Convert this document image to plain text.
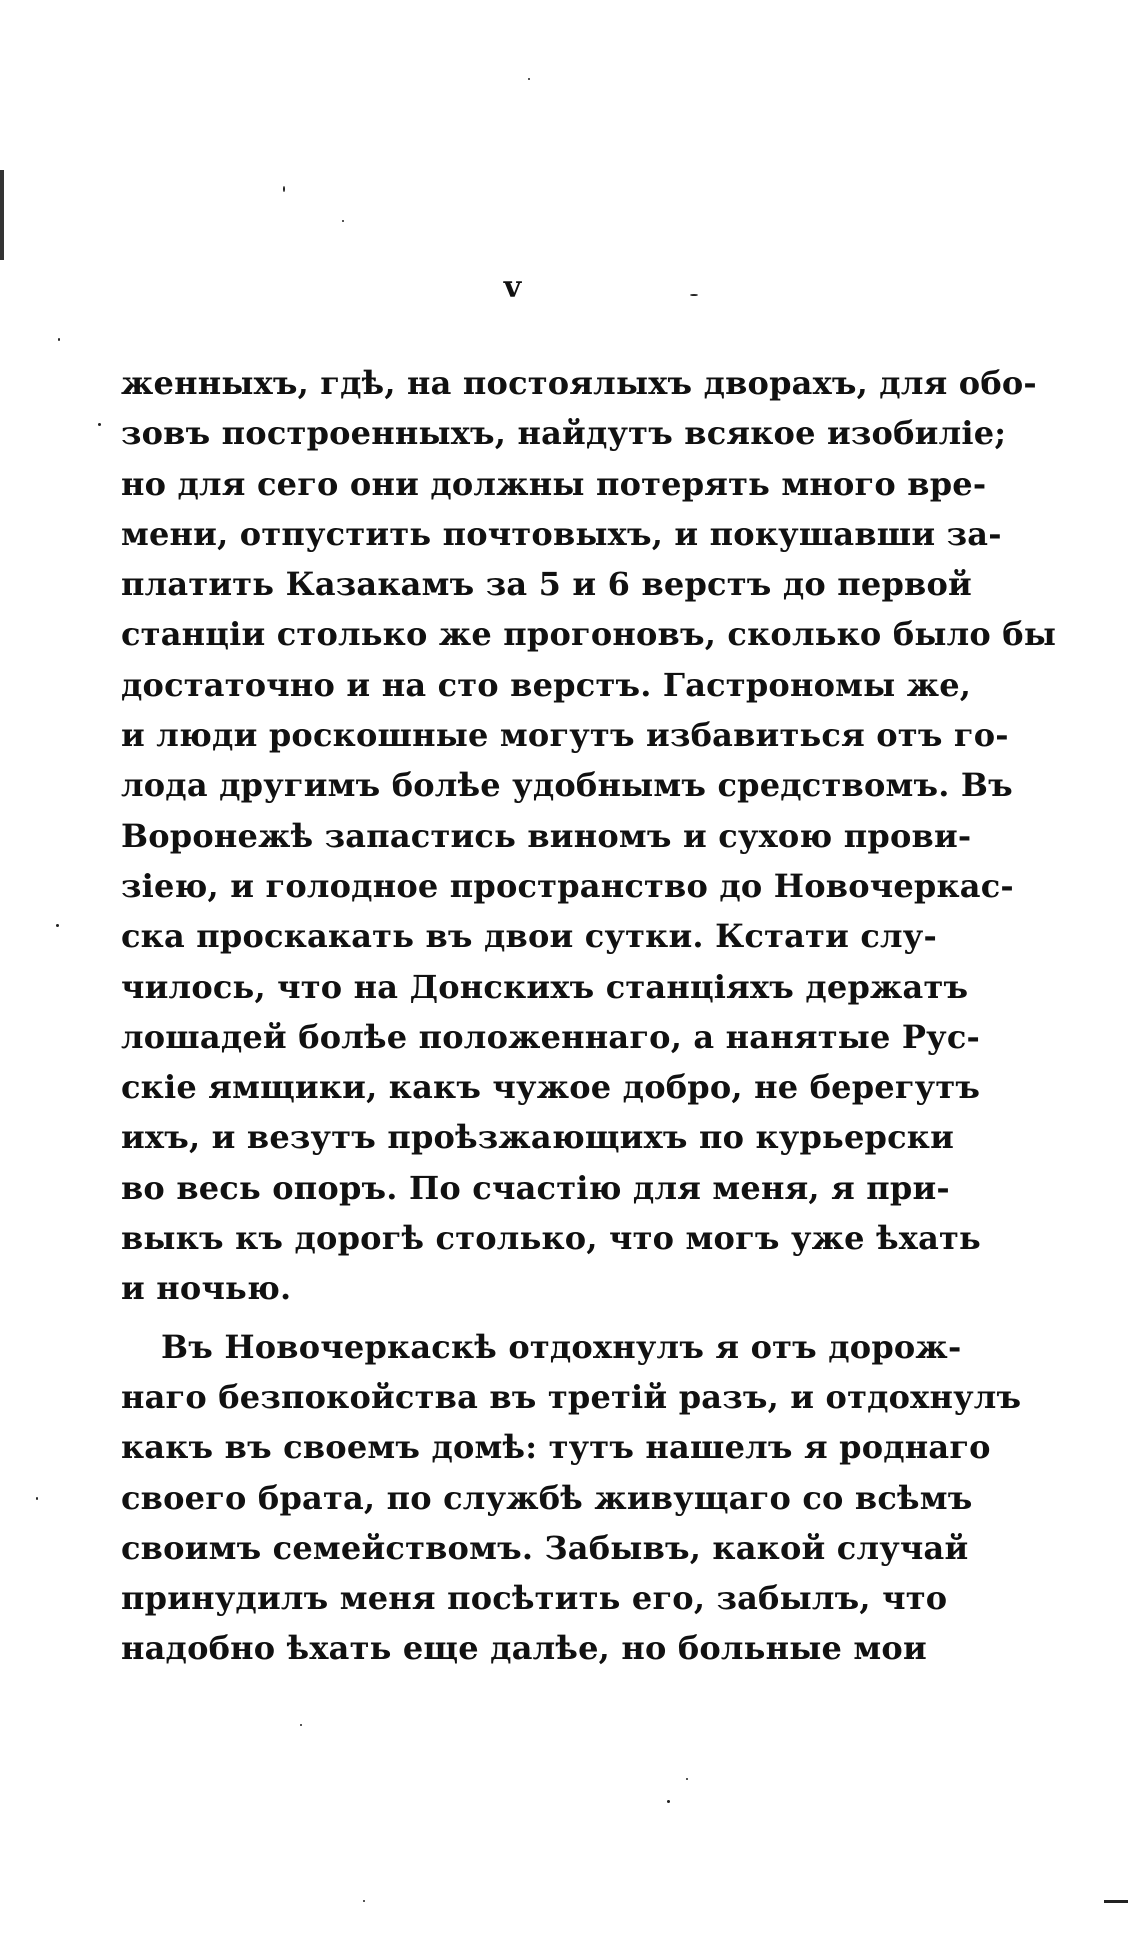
v
женныхъ, гдѣ, на постоялыхъ дворахъ, для обо-
зовъ построенныхъ, найдутъ всякое изобиліе;
но для сего они должны потерять много вре-
мени, отпустить почтовыхъ, и покушавши за-
платить Казакамъ за 5 и 6 верстъ до первой
станціи столько же прогоновъ, сколько было бы
достаточно и на сто верстъ. Гастрономы же,
и люди роскошные могутъ избавиться отъ го-
лода другимъ болѣе удобнымъ средствомъ. Въ
Воронежѣ запастись виномъ и сухою прови-
зіею, и голодное пространство до Новочеркас-
ска проскакать въ двои сутки. Кстати слу-
чилось, что на Донскихъ станціяхъ держатъ
лошадей болѣе положеннаго, а нанятые Рус-
скіе ямщики, какъ чужое добро, не берегутъ
ихъ, и везутъ проѣзжающихъ по курьерски
во весь опоръ. По счастію для меня, я при-
выкъ къ дорогѣ столько, что могъ уже ѣхать
и ночью.
Въ Новочеркаскѣ отдохнулъ я отъ дорож-
наго безпокойства въ третій разъ, и отдохнулъ
какъ въ своемъ домѣ: тутъ нашелъ я роднаго
своего брата, по службѣ живущаго со всѣмъ
своимъ семействомъ. Забывъ, какой случай
принудилъ меня посѣтить его, забылъ, что
надобно ѣхать еще далѣе, но больные мои
